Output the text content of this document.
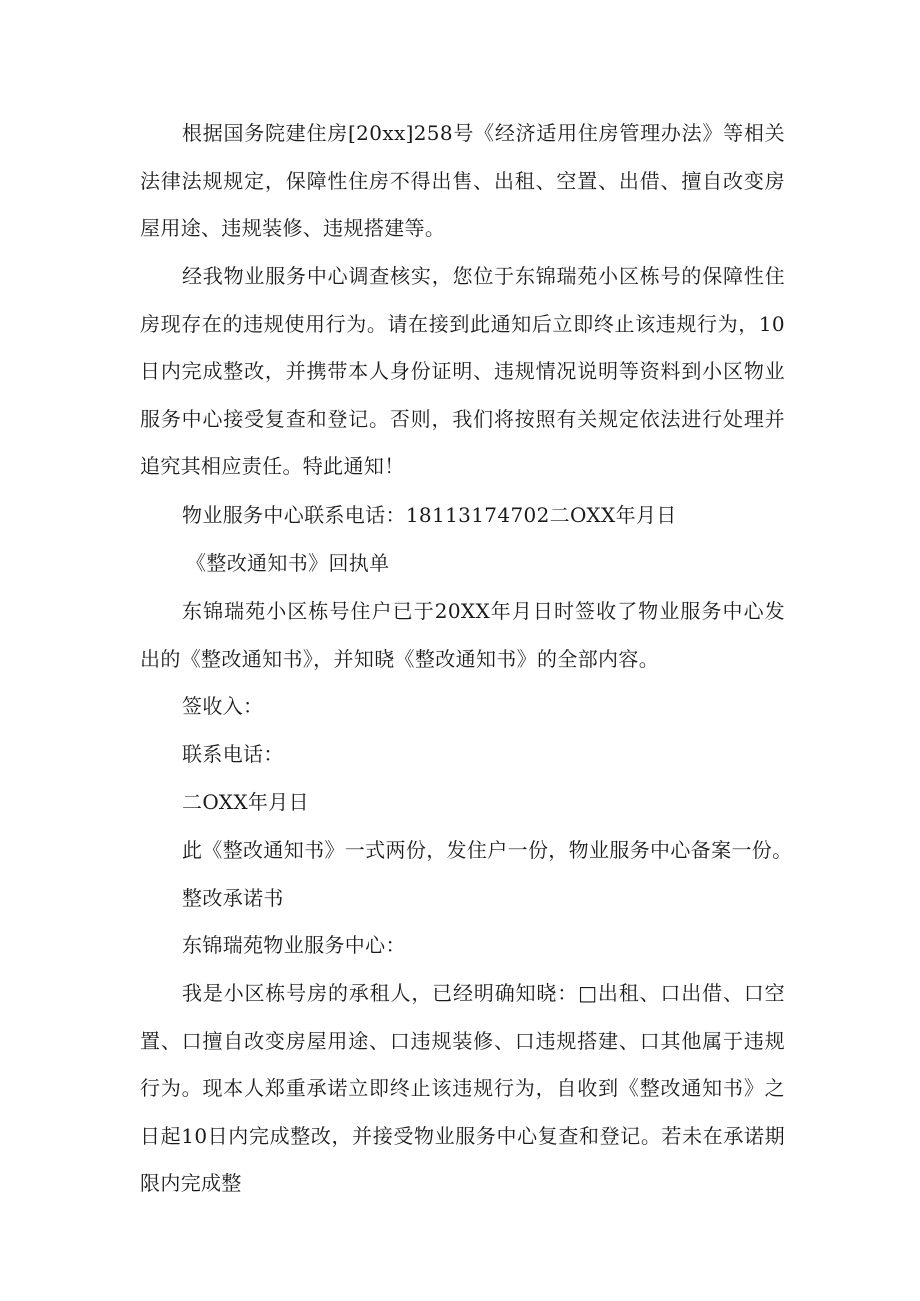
根据国务院建住房[20xx]258号《经济适用住房管理办法》等相关法律法规规定，保障性住房不得出售、出租、空置、出借、擅自改变房屋用途、违规装修、违规搭建等。

经我物业服务中心调查核实，您位于东锦瑞苑小区栋号的保障性住房现存在的违规使用行为。请在接到此通知后立即终止该违规行为，10日内完成整改，并携带本人身份证明、违规情况说明等资料到小区物业服务中心接受复查和登记。否则，我们将按照有关规定依法进行处理并追究其相应责任。特此通知！

物业服务中心联系电话：18113174702二OXX年月日

《整改通知书》回执单

东锦瑞苑小区栋号住户已于20XX年月日时签收了物业服务中心发出的《整改通知书》，并知晓《整改通知书》的全部内容。

签收入：

联系电话：

二OXX年月日

此《整改通知书》一式两份，发住户一份，物业服务中心备案一份。

整改承诺书

东锦瑞苑物业服务中心：

我是小区栋号房的承租人，已经明确知晓：□出租、口出借、口空置、口擅自改变房屋用途、口违规装修、口违规搭建、口其他属于违规行为。现本人郑重承诺立即终止该违规行为，自收到《整改通知书》之日起10日内完成整改，并接受物业服务中心复查和登记。若未在承诺期限内完成整
